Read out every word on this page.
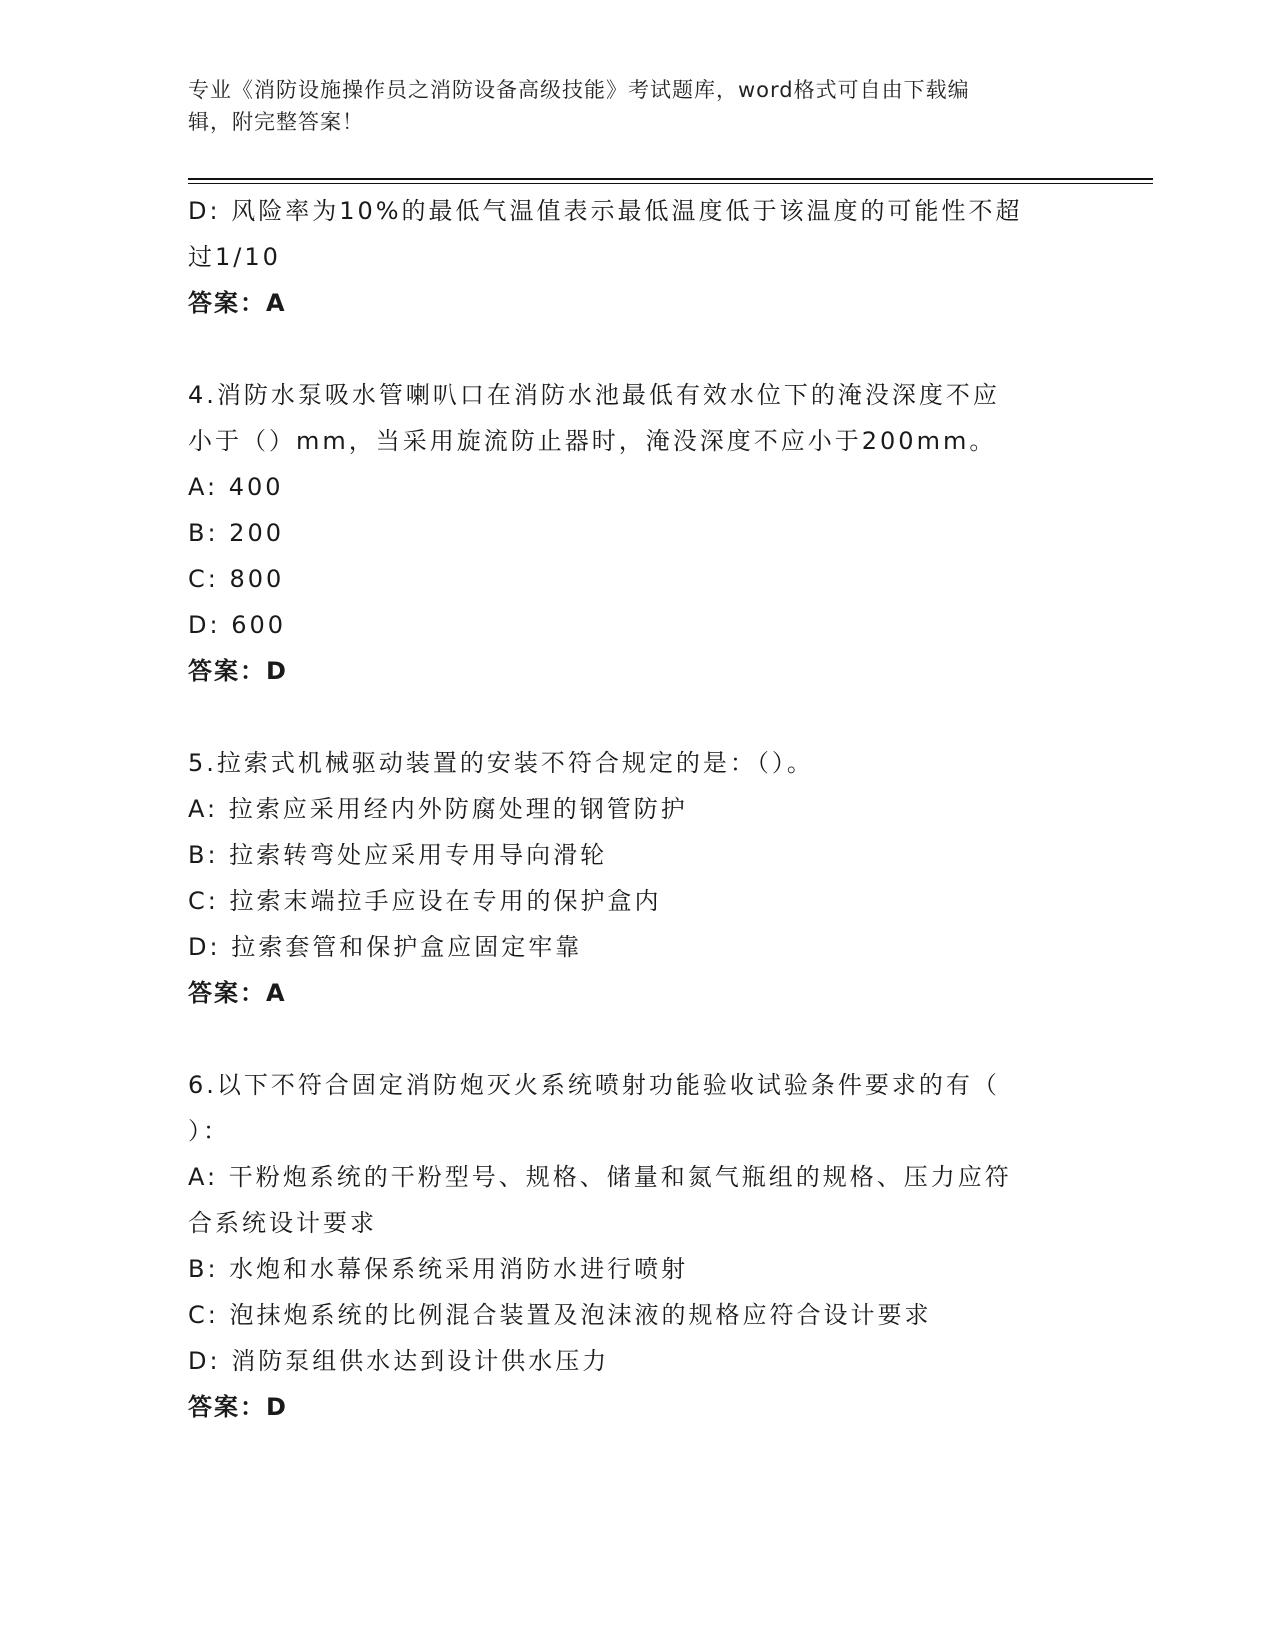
专业《消防设施操作员之消防设备高级技能》考试题库，word格式可自由下载编
辑，附完整答案！

D: 风险率为10%的最低气温值表示最低温度低于该温度的可能性不超

过1/10

答案：A

4.消防水泵吸水管喇叭口在消防水池最低有效水位下的淹没深度不应

小于（）mm，当采用旋流防止器时，淹没深度不应小于200mm。

A: 400

B: 200

C: 800

D: 600

答案：D

5.拉索式机械驱动装置的安装不符合规定的是：（）。

A: 拉索应采用经内外防腐处理的钢管防护

B: 拉索转弯处应采用专用导向滑轮

C: 拉索末端拉手应设在专用的保护盒内

D: 拉索套管和保护盒应固定牢靠

答案：A

6.以下不符合固定消防炮灭火系统喷射功能验收试验条件要求的有（

）：

A: 干粉炮系统的干粉型号、规格、储量和氮气瓶组的规格、压力应符

合系统设计要求

B: 水炮和水幕保系统采用消防水进行喷射

C: 泡抹炮系统的比例混合装置及泡沫液的规格应符合设计要求

D: 消防泵组供水达到设计供水压力

答案：D
